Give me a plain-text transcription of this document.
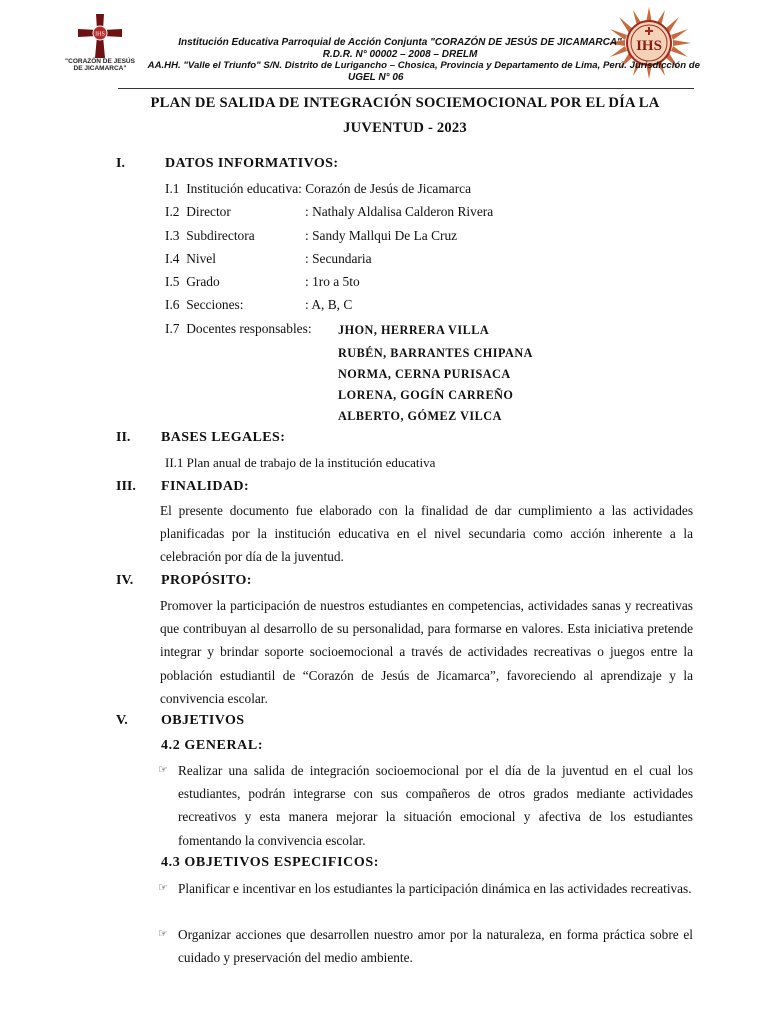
IHS
"CORAZÓN DE JESÚS
DE JICAMARCA"
IHS
Institución Educativa Parroquial de Acción Conjunta "CORAZÓN DE JESÚS DE JICAMARCA"
R.D.R. N° 00002 – 2008 – DRELM
AA.HH. "Valle el Triunfo" S/N. Distrito de Lurigancho – Chosica, Provincia y Departamento de Lima, Perú. Jurisdicción de
UGEL N° 06
PLAN DE SALIDA DE INTEGRACIÓN SOCIEMOCIONAL POR EL DÍA LA
JUVENTUD - 2023
I.	DATOS INFORMATIVOS:
I.1 Institución educativa: Corazón de Jesús de Jicamarca
I.2 Director	: Nathaly Aldalisa Calderon Rivera
I.3 Subdirectora	: Sandy Mallqui De La Cruz
I.4 Nivel	: Secundaria
I.5 Grado	: 1ro a 5to
I.6 Secciones:	: A, B, C
I.7 Docentes responsables: JHON, HERRERA VILLA
RUBÉN, BARRANTES CHIPANA
NORMA, CERNA PURISACA
LORENA, GOGÍN CARREÑO
ALBERTO, GÓMEZ VILCA
II. BASES LEGALES:
II.1 Plan anual de trabajo de la institución educativa
III. FINALIDAD:
El presente documento fue elaborado con la finalidad de dar cumplimiento a las actividades planificadas por la institución educativa en el nivel secundaria como acción inherente a la celebración por día de la juventud.
IV. PROPÓSITO:
Promover la participación de nuestros estudiantes en competencias, actividades sanas y recreativas que contribuyan al desarrollo de su personalidad, para formarse en valores. Esta iniciativa pretende integrar y brindar soporte socioemocional a través de actividades recreativas o juegos entre la población estudiantil de “Corazón de Jesús de Jicamarca”, favoreciendo al aprendizaje y la convivencia escolar.
V. OBJETIVOS
4.2 GENERAL:
☞ Realizar una salida de integración socioemocional por el día de la juventud en el cual los estudiantes, podrán integrarse con sus compañeros de otros grados mediante actividades recreativos y esta manera mejorar la situación emocional y afectiva de los estudiantes fomentando la convivencia escolar.
4.3 OBJETIVOS ESPECIFICOS:
☞ Planificar e incentivar en los estudiantes la participación dinámica en las actividades recreativas.
☞ Organizar acciones que desarrollen nuestro amor por la naturaleza, en forma práctica sobre el cuidado y preservación del medio ambiente.
